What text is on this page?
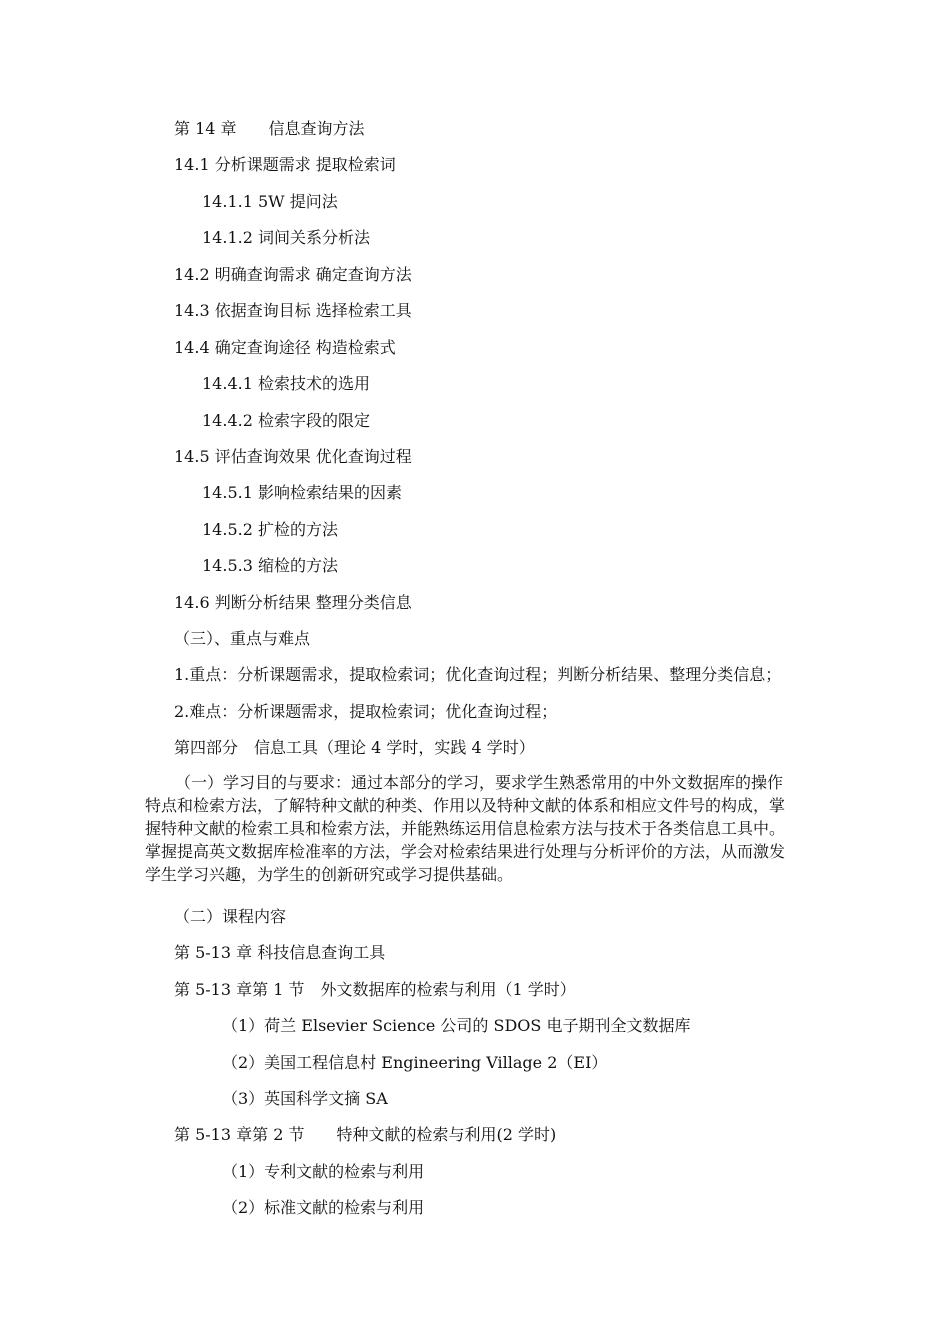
第 14 章　　信息查询方法
14.1 分析课题需求 提取检索词
14.1.1 5W 提问法
14.1.2 词间关系分析法
14.2 明确查询需求 确定查询方法
14.3 依据查询目标 选择检索工具
14.4 确定查询途径 构造检索式
14.4.1 检索技术的选用
14.4.2 检索字段的限定
14.5 评估查询效果 优化查询过程
14.5.1 影响检索结果的因素
14.5.2 扩检的方法
14.5.3 缩检的方法
14.6 判断分析结果 整理分类信息
（三）、重点与难点
1.重点：分析课题需求，提取检索词；优化查询过程；判断分析结果、整理分类信息；
2.难点：分析课题需求，提取检索词；优化查询过程；
第四部分　信息工具（理论 4 学时，实践 4 学时）
（一）学习目的与要求：通过本部分的学习，要求学生熟悉常用的中外文数据库的操作
特点和检索方法，了解特种文献的种类、作用以及特种文献的体系和相应文件号的构成，掌
握特种文献的检索工具和检索方法，并能熟练运用信息检索方法与技术于各类信息工具中。
掌握提高英文数据库检准率的方法，学会对检索结果进行处理与分析评价的方法，从而激发
学生学习兴趣，为学生的创新研究或学习提供基础。
（二）课程内容
第 5-13 章 科技信息查询工具
第 5-13 章第 1 节　外文数据库的检索与利用（1 学时）
（1）荷兰 Elsevier Science 公司的 SDOS 电子期刊全文数据库
（2）美国工程信息村 Engineering Village 2（EI）
（3）英国科学文摘 SA
第 5-13 章第 2 节　　特种文献的检索与利用(2 学时)
（1）专利文献的检索与利用
（2）标准文献的检索与利用
